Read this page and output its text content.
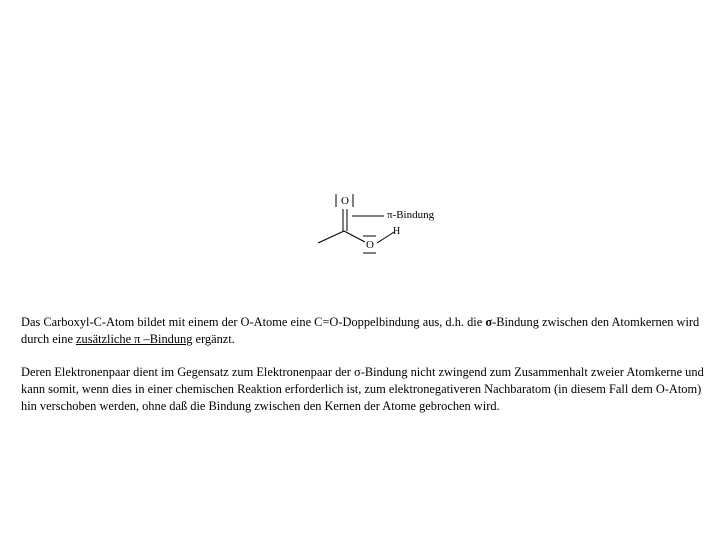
O
O
H
π-Bindung
Das Carboxyl-C-Atom bildet mit einem der O-Atome eine C=O-Doppelbindung aus, d.h. die σ-Bindung zwischen den Atomkernen wird durch eine zusätzliche π –Bindung ergänzt.
Deren Elektronenpaar dient im Gegensatz zum Elektronenpaar der σ-Bindung nicht zwingend zum Zusammenhalt zweier Atomkerne und kann somit, wenn dies in einer chemischen Reaktion erforderlich ist, zum elektronegativeren Nachbaratom (in diesem Fall dem O-Atom) hin verschoben werden, ohne daß die Bindung zwischen den Kernen der Atome gebrochen wird.
